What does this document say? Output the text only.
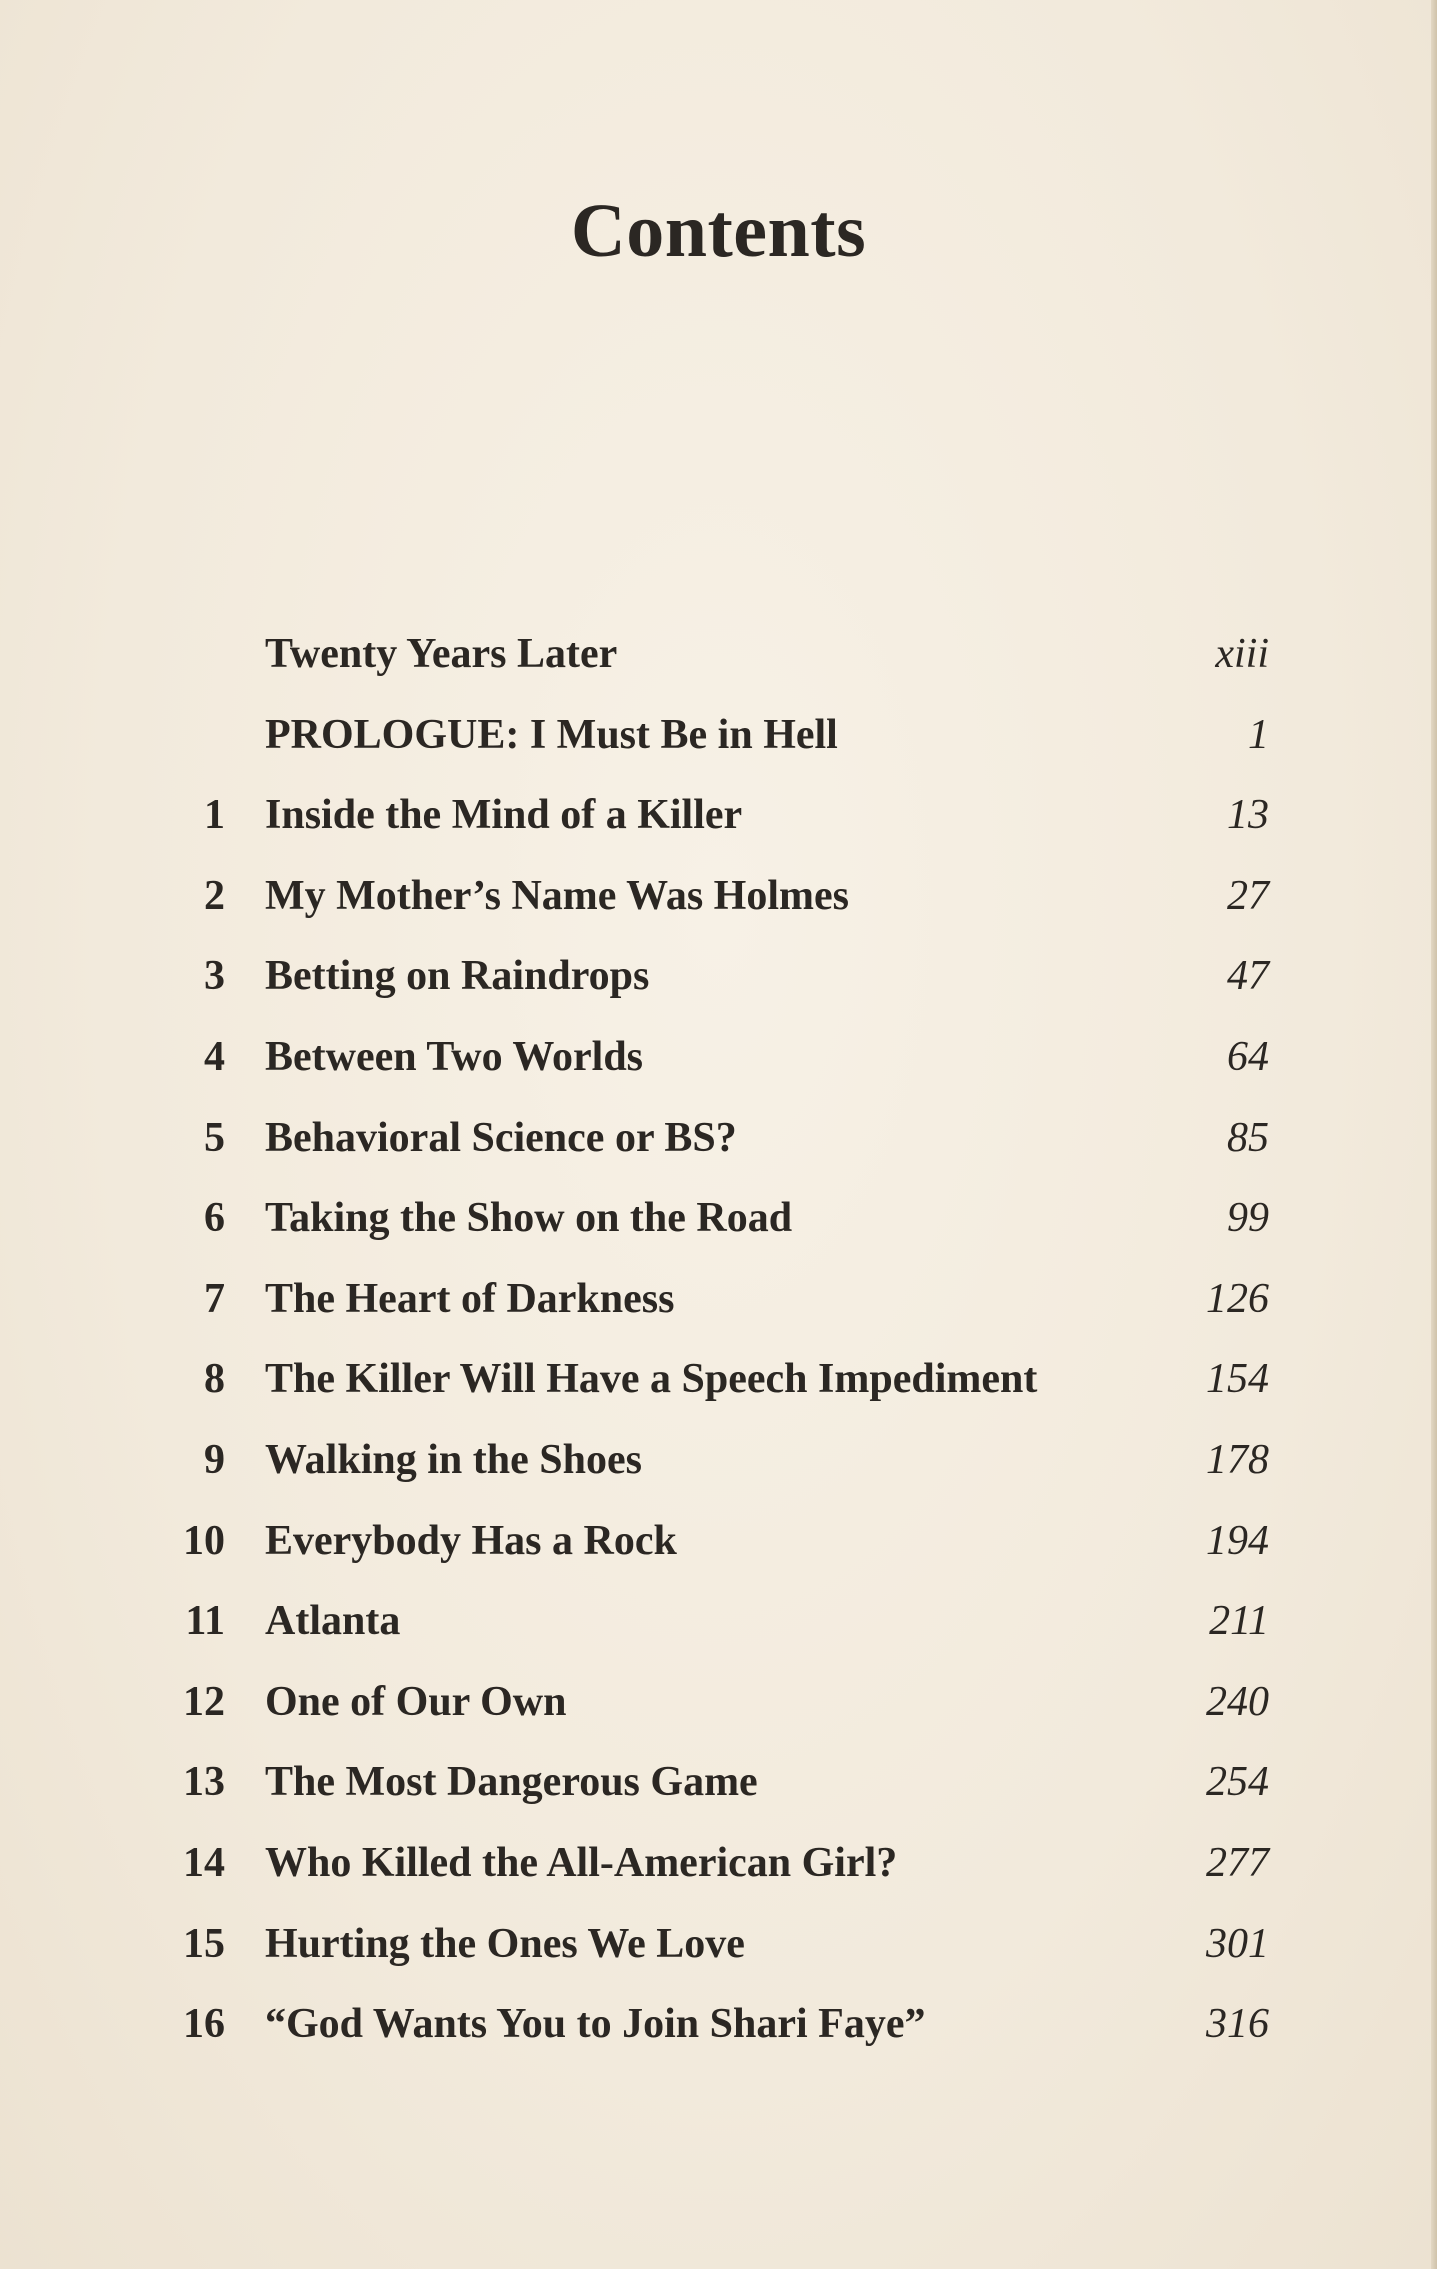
Contents
Twenty Years Later	xiii
PROLOGUE: I Must Be in Hell	1
1 Inside the Mind of a Killer	13
2 My Mother’s Name Was Holmes	27
3 Betting on Raindrops	47
4 Between Two Worlds	64
5 Behavioral Science or BS?	85
6 Taking the Show on the Road	99
7 The Heart of Darkness	126
8 The Killer Will Have a Speech Impediment	154
9 Walking in the Shoes	178
10 Everybody Has a Rock	194
11 Atlanta	211
12 One of Our Own	240
13 The Most Dangerous Game	254
14 Who Killed the All-American Girl?	277
15 Hurting the Ones We Love	301
16 “God Wants You to Join Shari Faye”	316
